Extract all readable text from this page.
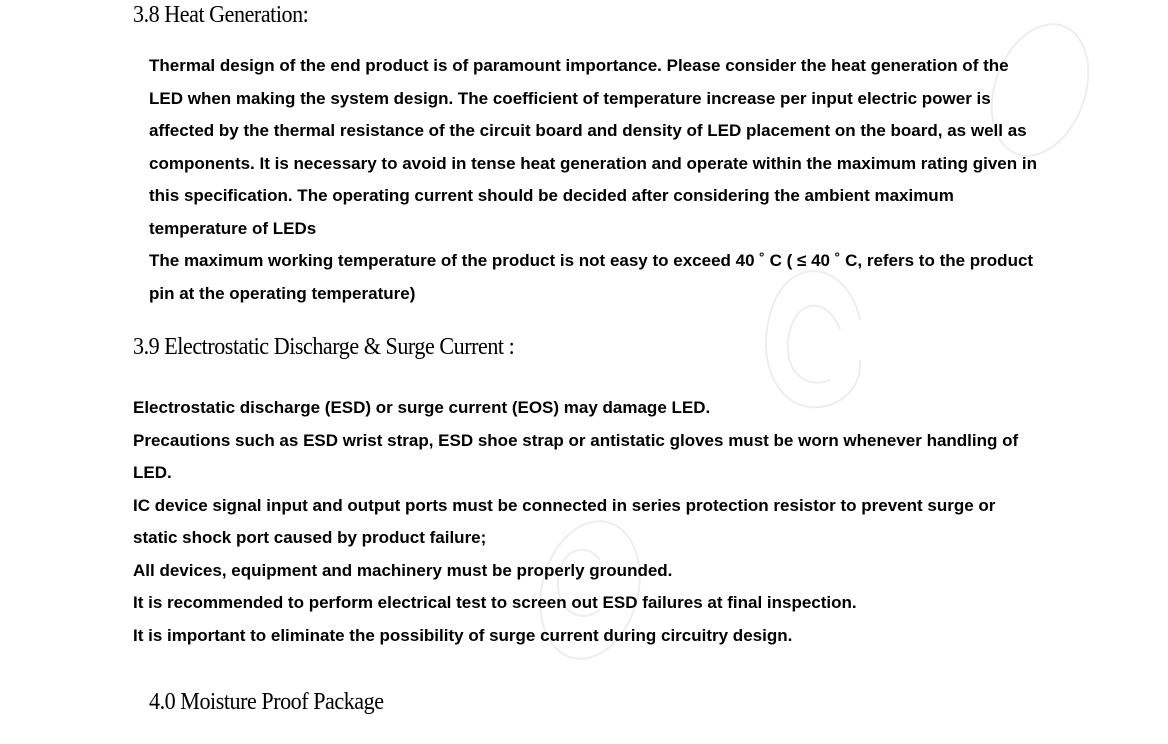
3.8 Heat Generation:
Thermal design of the end product is of paramount importance. Please consider the heat generation of the
LED when making the system design. The coefficient of temperature increase per input electric power is
affected by the thermal resistance of the circuit board and density of LED placement on the board, as well as
components. It is necessary to avoid in tense heat generation and operate within the maximum rating given in
this specification. The operating current should be decided after considering the ambient maximum
temperature of LEDs
The maximum working temperature of the product is not easy to exceed 40 ˚ C ( ≤ 40 ˚ C, refers to the product
pin at the operating temperature)
3.9 Electrostatic Discharge & Surge Current :
Electrostatic discharge (ESD) or surge current (EOS) may damage LED.
Precautions such as ESD wrist strap, ESD shoe strap or antistatic gloves must be worn whenever handling of
LED.
IC device signal input and output ports must be connected in series protection resistor to prevent surge or
static shock port caused by product failure;
All devices, equipment and machinery must be properly grounded.
It is recommended to perform electrical test to screen out ESD failures at final inspection.
It is important to eliminate the possibility of surge current during circuitry design.
4.0 Moisture Proof Package
